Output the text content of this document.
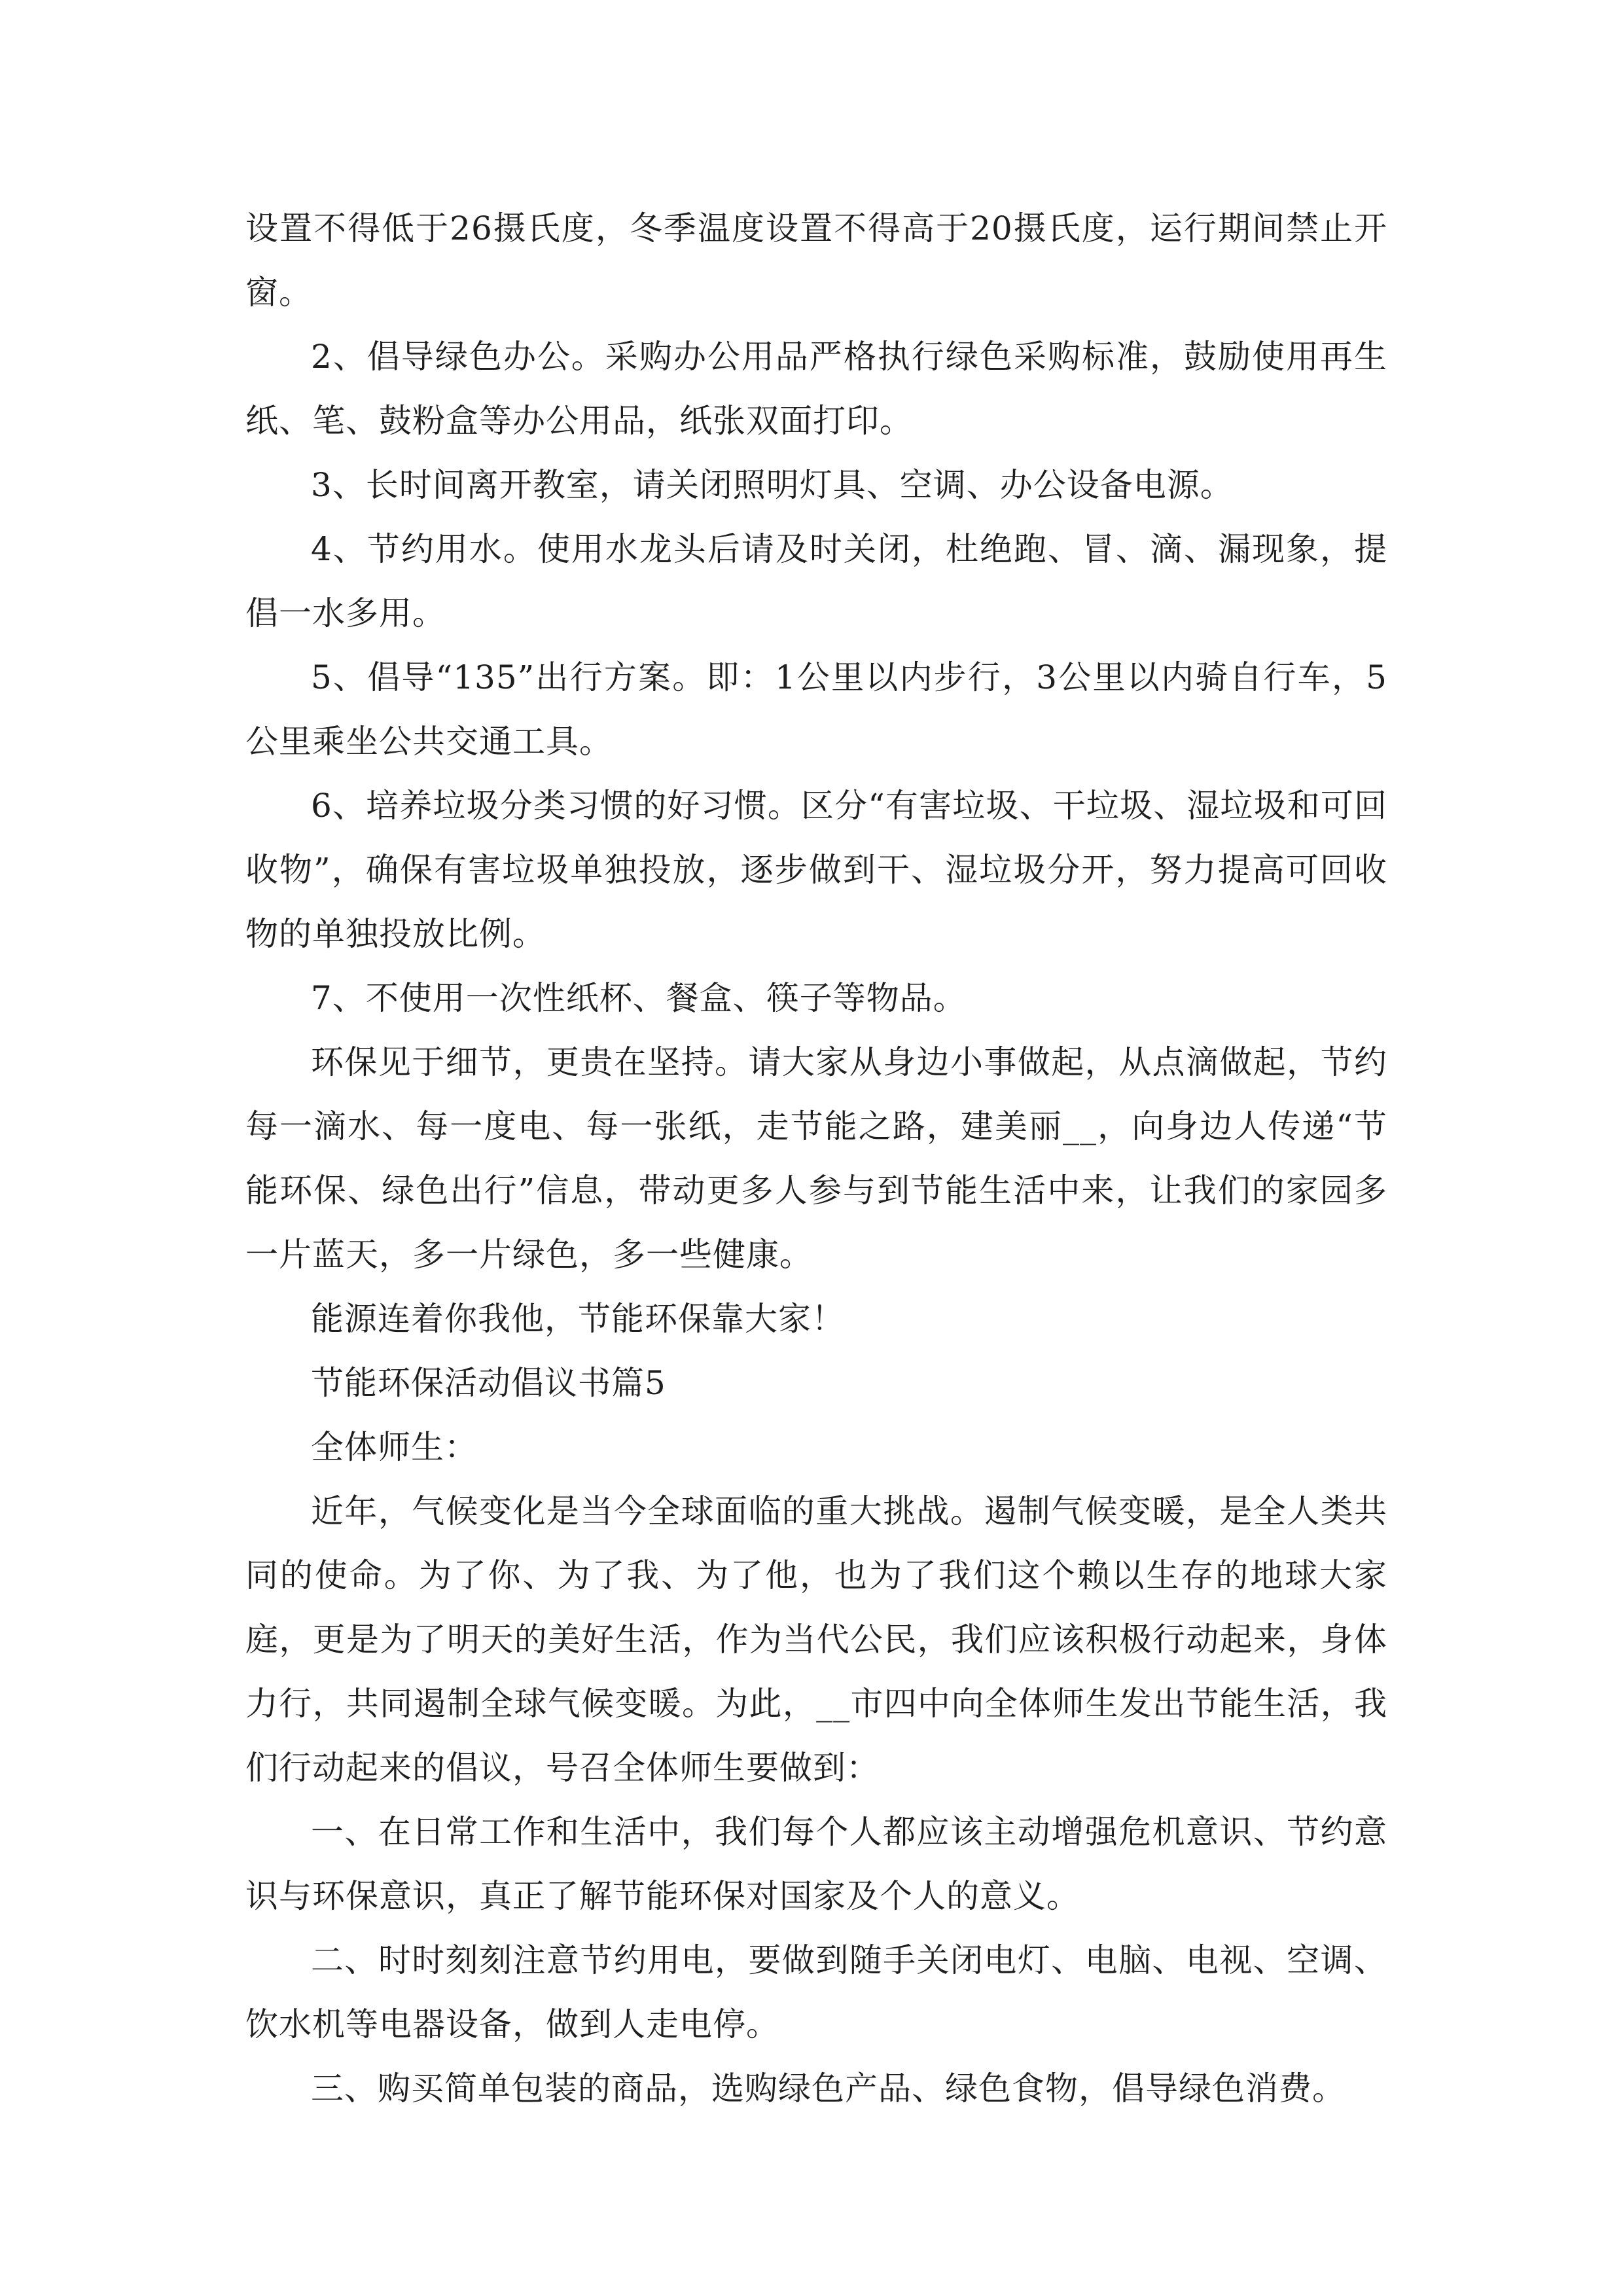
设置不得低于26摄氏度，冬季温度设置不得高于20摄氏度，运行期间禁止开窗。

2、倡导绿色办公。采购办公用品严格执行绿色采购标准，鼓励使用再生纸、笔、鼓粉盒等办公用品，纸张双面打印。

3、长时间离开教室，请关闭照明灯具、空调、办公设备电源。

4、节约用水。使用水龙头后请及时关闭，杜绝跑、冒、滴、漏现象，提倡一水多用。

5、倡导“135”出行方案。即：1公里以内步行，3公里以内骑自行车，5公里乘坐公共交通工具。

6、培养垃圾分类习惯的好习惯。区分“有害垃圾、干垃圾、湿垃圾和可回收物”，确保有害垃圾单独投放，逐步做到干、湿垃圾分开，努力提高可回收物的单独投放比例。

7、不使用一次性纸杯、餐盒、筷子等物品。

环保见于细节，更贵在坚持。请大家从身边小事做起，从点滴做起，节约每一滴水、每一度电、每一张纸，走节能之路，建美丽__，向身边人传递“节能环保、绿色出行”信息，带动更多人参与到节能生活中来，让我们的家园多一片蓝天，多一片绿色，多一些健康。

能源连着你我他，节能环保靠大家！

节能环保活动倡议书篇5

全体师生：

近年，气候变化是当今全球面临的重大挑战。遏制气候变暖，是全人类共同的使命。为了你、为了我、为了他，也为了我们这个赖以生存的地球大家庭，更是为了明天的美好生活，作为当代公民，我们应该积极行动起来，身体力行，共同遏制全球气候变暖。为此，__市四中向全体师生发出节能生活，我们行动起来的倡议，号召全体师生要做到：

一、在日常工作和生活中，我们每个人都应该主动增强危机意识、节约意识与环保意识，真正了解节能环保对国家及个人的意义。

二、时时刻刻注意节约用电，要做到随手关闭电灯、电脑、电视、空调、饮水机等电器设备，做到人走电停。

三、购买简单包装的商品，选购绿色产品、绿色食物，倡导绿色消费。
